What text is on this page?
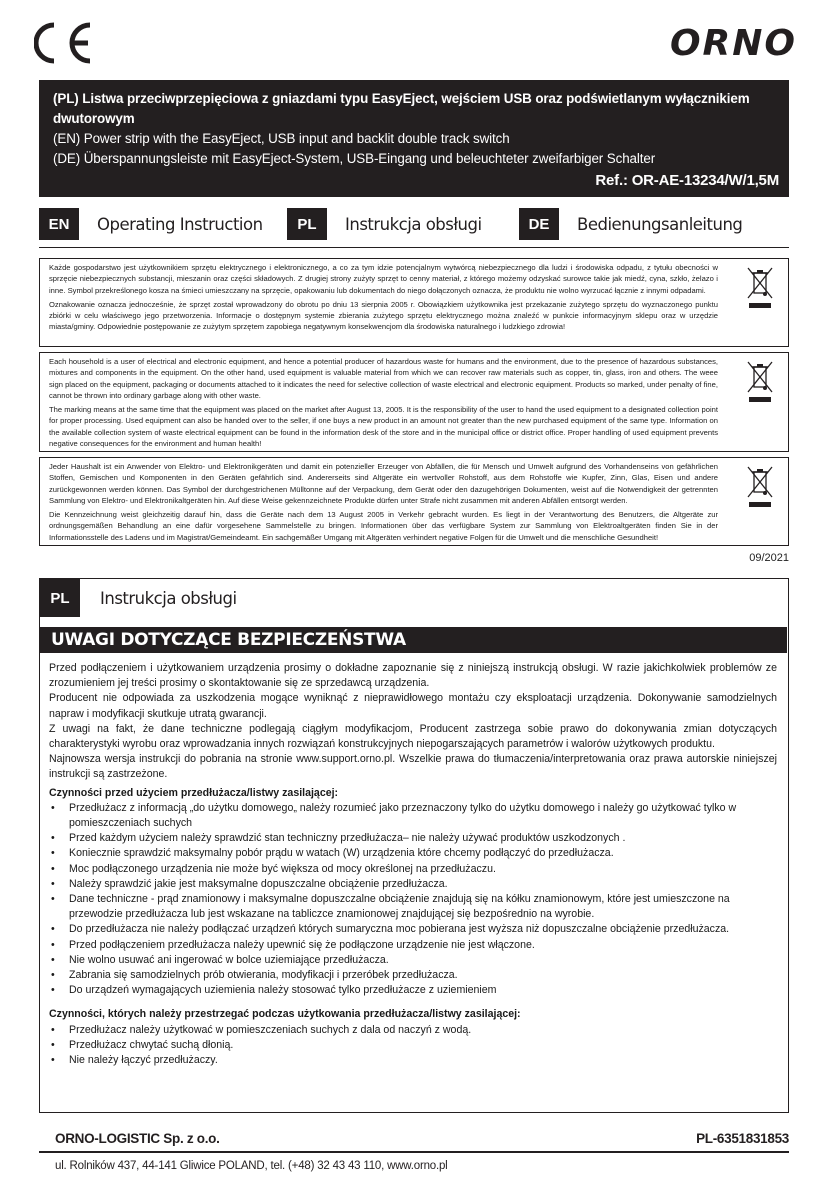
ORNO
(PL) Listwa przeciwprzepięciowa z gniazdami typu EasyEject, wejściem USB oraz podświetlanym wyłącznikiem dwutorowym
(EN) Power strip with the EasyEject, USB input and backlit double track switch
(DE) Überspannungsleiste mit EasyEject-System, USB-Eingang und beleuchteter zweifarbiger Schalter
Ref.: OR-AE-13234/W/1,5M
EN	Operating Instruction	PL	Instrukcja obsługi	DE	Bedienungsanleitung

Każde gospodarstwo jest użytkownikiem sprzętu elektrycznego i elektronicznego, a co za tym idzie potencjalnym wytwórcą niebezpiecznego dla ludzi i środowiska odpadu, z tytułu obecności w sprzęcie niebezpiecznych substancji, mieszanin oraz części składowych. Z drugiej strony zużyty sprzęt to cenny materiał, z którego możemy odzyskać surowce takie jak miedź, cyna, szkło, żelazo i inne. Symbol przekreślonego kosza na śmieci umieszczany na sprzęcie, opakowaniu lub dokumentach do niego dołączonych oznacza, że produktu nie wolno wyrzucać łącznie z innymi odpadami.

Oznakowanie oznacza jednocześnie, że sprzęt został wprowadzony do obrotu po dniu 13 sierpnia 2005 r. Obowiązkiem użytkownika jest przekazanie zużytego sprzętu do wyznaczonego punktu zbiórki w celu właściwego jego przetworzenia. Informacje o dostępnym systemie zbierania zużytego sprzętu elektrycznego można znaleźć w punkcie informacyjnym sklepu oraz w urzędzie miasta/gminy. Odpowiednie postępowanie ze zużytym sprzętem zapobiega negatywnym konsekwencjom dla środowiska naturalnego i ludzkiego zdrowia!

Each household is a user of electrical and electronic equipment, and hence a potential producer of hazardous waste for humans and the environment, due to the presence of hazardous substances, mixtures and components in the equipment. On the other hand, used equipment is valuable material from which we can recover raw materials such as copper, tin, glass, iron and others. The weee sign placed on the equipment, packaging or documents attached to it indicates the need for selective collection of waste electrical and electronic equipment. Products so marked, under penalty of fine, cannot be thrown into ordinary garbage along with other waste.

The marking means at the same time that the equipment was placed on the market after August 13, 2005. It is the responsibility of the user to hand the used equipment to a designated collection point for proper processing. Used equipment can also be handed over to the seller, if one buys a new product in an amount not greater than the new purchased equipment of the same type. Information on the available collection system of waste electrical equipment can be found in the information desk of the store and in the municipal office or district office. Proper handling of used equipment prevents negative consequences for the environment and human health!

Jeder Haushalt ist ein Anwender von Elektro- und Elektronikgeräten und damit ein potenzieller Erzeuger von Abfällen, die für Mensch und Umwelt aufgrund des Vorhandenseins von gefährlichen Stoffen, Gemischen und Komponenten in den Geräten gefährlich sind. Andererseits sind Altgeräte ein wertvoller Rohstoff, aus dem Rohstoffe wie Kupfer, Zinn, Glas, Eisen und andere zurückgewonnen werden können. Das Symbol der durchgestrichenen Mülltonne auf der Verpackung, dem Gerät oder den dazugehörigen Dokumenten, weist auf die Notwendigkeit der getrennten Sammlung von Elektro- und Elektronikaltgeräten hin. Auf diese Weise gekennzeichnete Produkte dürfen unter Strafe nicht zusammen mit anderen Abfällen entsorgt werden.

Die Kennzeichnung weist gleichzeitig darauf hin, dass die Geräte nach dem 13 August 2005 in Verkehr gebracht wurden. Es liegt in der Verantwortung des Benutzers, die Altgeräte zur ordnungsgemäßen Behandlung an eine dafür vorgesehene Sammelstelle zu bringen. Informationen über das verfügbare System zur Sammlung von Elektroaltgeräten finden Sie in der Informationsstelle des Ladens und im Magistrat/Gemeindeamt. Ein sachgemäßer Umgang mit Altgeräten verhindert negative Folgen für die Umwelt und die menschliche Gesundheit!

09/2021
PL	Instrukcja obsługi
UWAGI DOTYCZĄCE BEZPIECZEŃSTWA

Przed podłączeniem i użytkowaniem urządzenia prosimy o dokładne zapoznanie się z niniejszą instrukcją obsługi. W razie jakichkolwiek problemów ze zrozumieniem jej treści prosimy o skontaktowanie się ze sprzedawcą urządzenia.

Producent nie odpowiada za uszkodzenia mogące wyniknąć z nieprawidłowego montażu czy eksploatacji urządzenia. Dokonywanie samodzielnych napraw i modyfikacji skutkuje utratą gwarancji.

Z uwagi na fakt, że dane techniczne podlegają ciągłym modyfikacjom, Producent zastrzega sobie prawo do dokonywania zmian dotyczących charakterystyki wyrobu oraz wprowadzania innych rozwiązań konstrukcyjnych niepogarszających parametrów i walorów użytkowych produktu.

Najnowsza wersja instrukcji do pobrania na stronie www.support.orno.pl. Wszelkie prawa do tłumaczenia/interpretowania oraz prawa autorskie niniejszej instrukcji są zastrzeżone.

Czynności przed użyciem przedłużacza/listwy zasilającej:
• Przedłużacz z informacją „do użytku domowego„ należy rozumieć jako przeznaczony tylko do użytku domowego i należy go użytkować tylko w pomieszczeniach suchych
• Przed każdym użyciem należy sprawdzić stan techniczny przedłużacza– nie należy używać produktów uszkodzonych .
• Koniecznie sprawdzić maksymalny pobór prądu w watach (W) urządzenia które chcemy podłączyć do przedłużacza.
• Moc podłączonego urządzenia nie może być większa od mocy określonej na przedłużaczu.
• Należy sprawdzić jakie jest maksymalne dopuszczalne obciążenie przedłużacza.
• Dane techniczne - prąd znamionowy i maksymalne dopuszczalne obciążenie znajdują się na kółku znamionowym, które jest umieszczone na przewodzie przedłużacza lub jest wskazane na tabliczce znamionowej znajdującej się bezpośrednio na wyrobie.
• Do przedłużacza nie należy podłączać urządzeń których sumaryczna moc pobierana jest wyższa niż dopuszczalne obciążenie przedłużacza.
• Przed podłączeniem przedłużacza należy upewnić się że podłączone urządzenie nie jest włączone.
• Nie wolno usuwać ani ingerować w bolce uziemiające przedłużacza.
• Zabrania się samodzielnych prób otwierania, modyfikacji i przeróbek przedłużacza.
• Do urządzeń wymagających uziemienia należy stosować tylko przedłużacze z uziemieniem
Czynności, których należy przestrzegać podczas użytkowania przedłużacza/listwy zasilającej:
• Przedłużacz należy użytkować w pomieszczeniach suchych z dala od naczyń z wodą.
• Przedłużacz chwytać suchą dłonią.
• Nie należy łączyć przedłużaczy.
ORNO-LOGISTIC Sp. z o.o.	PL-6351831853
ul. Rolników 437, 44-141 Gliwice POLAND, tel. (+48) 32 43 43 110, www.orno.pl
